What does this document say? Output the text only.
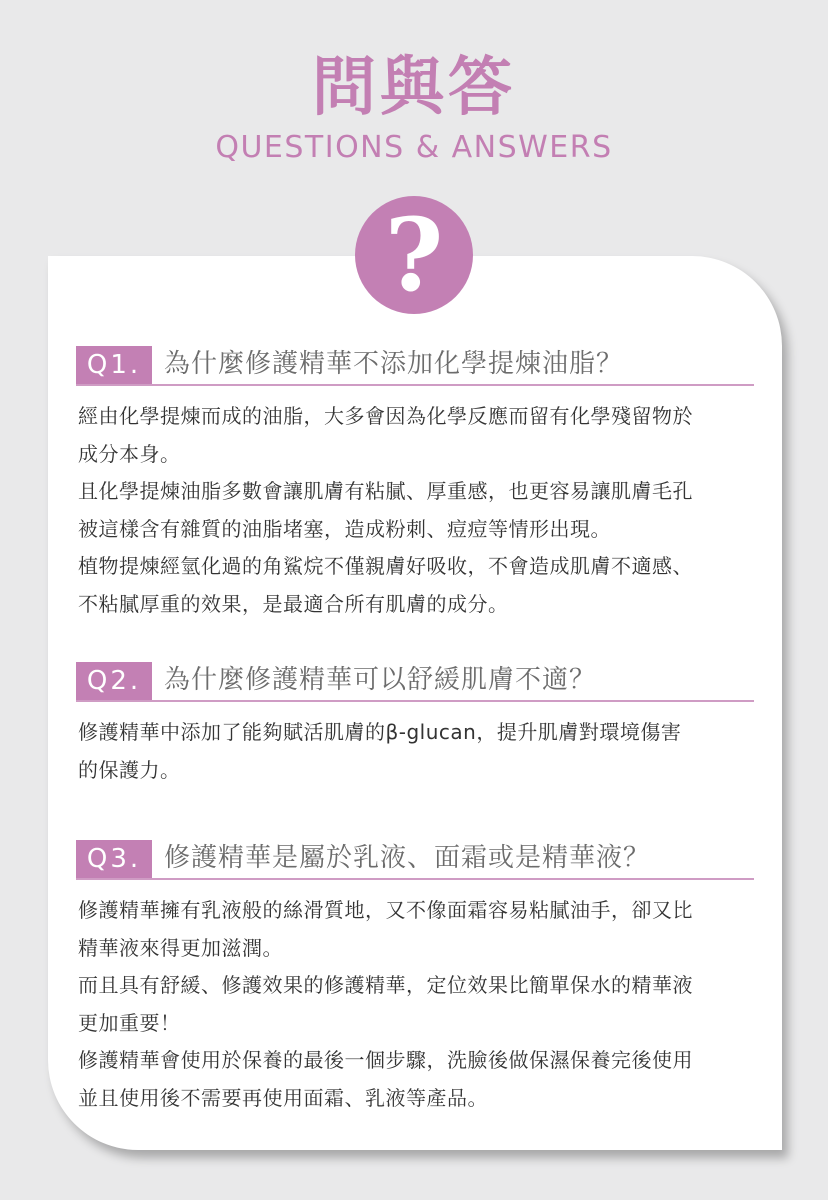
問與答
QUESTIONS & ANSWERS
?
Q1. 為什麼修護精華不添加化學提煉油脂？
經由化學提煉而成的油脂，大多會因為化學反應而留有化學殘留物於
成分本身。
且化學提煉油脂多數會讓肌膚有粘膩、厚重感，也更容易讓肌膚毛孔
被這樣含有雜質的油脂堵塞，造成粉刺、痘痘等情形出現。
植物提煉經氫化過的角鯊烷不僅親膚好吸收，不會造成肌膚不適感、
不粘膩厚重的效果，是最適合所有肌膚的成分。
Q2. 為什麼修護精華可以舒緩肌膚不適？
修護精華中添加了能夠賦活肌膚的β-glucan，提升肌膚對環境傷害
的保護力。
Q3. 修護精華是屬於乳液、面霜或是精華液？
修護精華擁有乳液般的絲滑質地，又不像面霜容易粘膩油手，卻又比
精華液來得更加滋潤。
而且具有舒緩、修護效果的修護精華，定位效果比簡單保水的精華液
更加重要！
修護精華會使用於保養的最後一個步驟，洗臉後做保濕保養完後使用
並且使用後不需要再使用面霜、乳液等產品。
